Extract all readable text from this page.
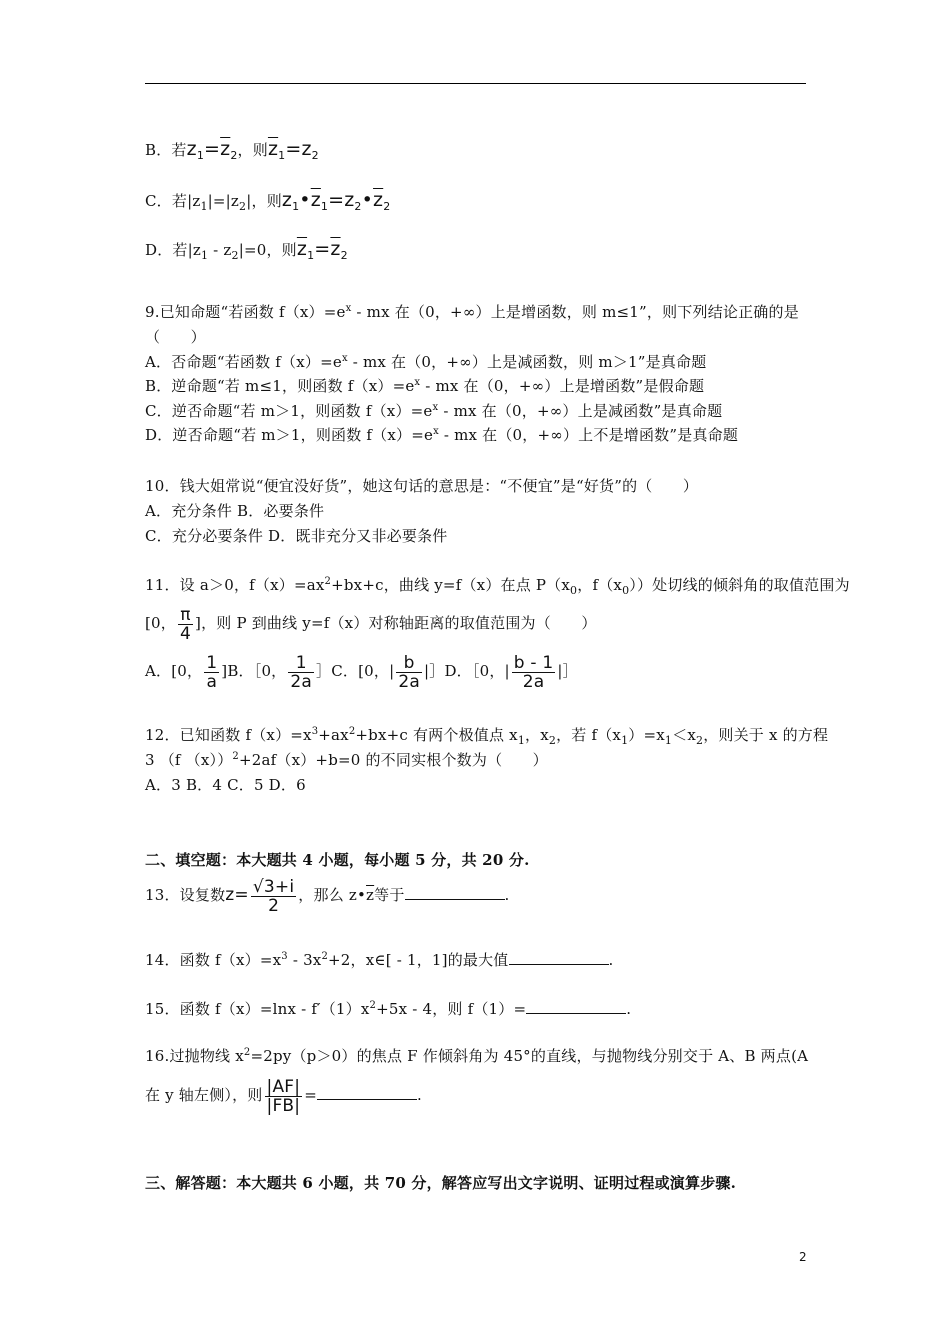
B．若$z_1=\overline{z}_2$，则$\overline{z}_1=z_2$
C．若$|z_1|=|z_2|$，则$z_1•\overline{z}_1=z_2•\overline{z}_2$
D．若$|z_1 - z_2|=0$，则$\overline{z}_1=\overline{z}_2$
9.已知命题“若函数 $f(x)=e^x$ - mx 在（0，+∞）上是增函数，则 m≤1”，则下列结论正确的是
（　　）
A．否命题“若函数 $f(x)=e^x$ - mx 在（0，+∞）上是减函数，则 m＞1”是真命题
B．逆命题“若 m≤1，则函数 $f(x)=e^x$ - mx 在（0，+∞）上是增函数”是假命题
C．逆否命题“若 m＞1，则函数 $f(x)=e^x$ - mx 在（0，+∞）上是减函数”是真命题
D．逆否命题“若 m＞1，则函数 $f(x)=e^x$ - mx 在（0，+∞）上不是增函数”是真命题
10．钱大姐常说“便宜没好货”，她这句话的意思是：“不便宜”是“好货”的（　　）
A．充分条件 B．必要条件
C．充分必要条件 D．既非充分又非必要条件
11．设 a＞0，$f(x)=ax^2+bx+c$，曲线 y=f（x）在点 $P(x_0$，$f(x_0)$）处切线的倾斜角的取值范围为
[0， $\frac{\pi}{4}$ ]，则 P 到曲线 y=f（x）对称轴距离的取值范围为（　　）
A．[0， $\frac{1}{a} ]B$．［0， $\frac{1}{2a}$ ］C．[0，| $\frac{b}{2a}$ |］D．［0，| $\frac{b - 1}{2a}$ |］
12．已知函数 $f(x)=x^3+ax^2+bx+c$ 有两个极值点 $x_1$，$x_2$，若 $f(x_1)=x_1<x_2$，则关于 x 的方程
3 （f （x））$^2$+2af（x）+b=0 的不同实根个数为（　　）
A．3 B．4 C．5 D．6
二、填空题：本大题共 4 小题，每小题 5 分，共 20 分.
13．设复数$z= \frac{√3+i}{2}$ ，那么 $z•\overline{z}$等于	.
14．函数 $f(x)=x^3 - 3x^2+2$，x∈[ - 1，1]的最大值	.
15．函数 $f(x)=\ln x - f'(1)x^2+5x - 4$，则 f（1）=	.
16.过抛物线 $x^2=2py(p>0)$的焦点 F 作倾斜角为 45°的直线，与抛物线分别交于 A、B 两点(A
在 y 轴左侧），则 $\frac{|AF|}{|FB|}$ =	.
三、解答题：本大题共 6 小题，共 70 分，解答应写出文字说明、证明过程或演算步骤.
2
